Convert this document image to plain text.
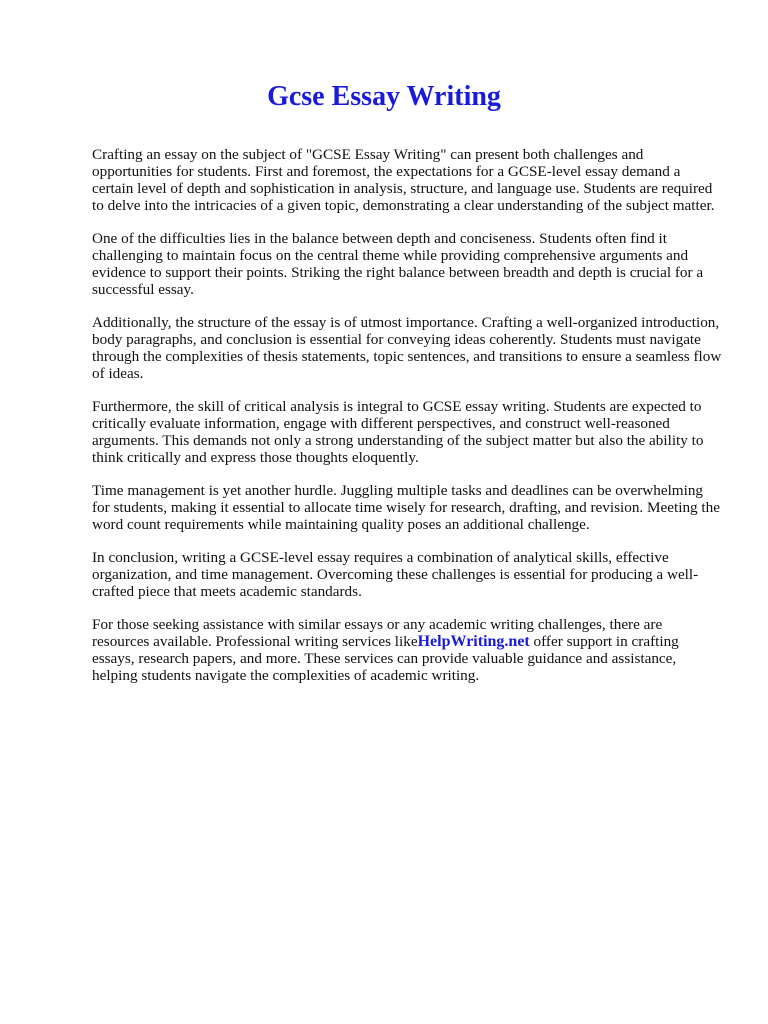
Gcse Essay Writing

Crafting an essay on the subject of "GCSE Essay Writing" can present both challenges and opportunities for students. First and foremost, the expectations for a GCSE-level essay demand a certain level of depth and sophistication in analysis, structure, and language use. Students are required to delve into the intricacies of a given topic, demonstrating a clear understanding of the subject matter.

One of the difficulties lies in the balance between depth and conciseness. Students often find it challenging to maintain focus on the central theme while providing comprehensive arguments and evidence to support their points. Striking the right balance between breadth and depth is crucial for a successful essay.

Additionally, the structure of the essay is of utmost importance. Crafting a well-organized introduction, body paragraphs, and conclusion is essential for conveying ideas coherently. Students must navigate through the complexities of thesis statements, topic sentences, and transitions to ensure a seamless flow of ideas.

Furthermore, the skill of critical analysis is integral to GCSE essay writing. Students are expected to critically evaluate information, engage with different perspectives, and construct well-reasoned arguments. This demands not only a strong understanding of the subject matter but also the ability to think critically and express those thoughts eloquently.

Time management is yet another hurdle. Juggling multiple tasks and deadlines can be overwhelming for students, making it essential to allocate time wisely for research, drafting, and revision. Meeting the word count requirements while maintaining quality poses an additional challenge.

In conclusion, writing a GCSE-level essay requires a combination of analytical skills, effective organization, and time management. Overcoming these challenges is essential for producing a well-crafted piece that meets academic standards.

For those seeking assistance with similar essays or any academic writing challenges, there are resources available. Professional writing services likeHelpWriting.net offer support in crafting essays, research papers, and more. These services can provide valuable guidance and assistance, helping students navigate the complexities of academic writing.
